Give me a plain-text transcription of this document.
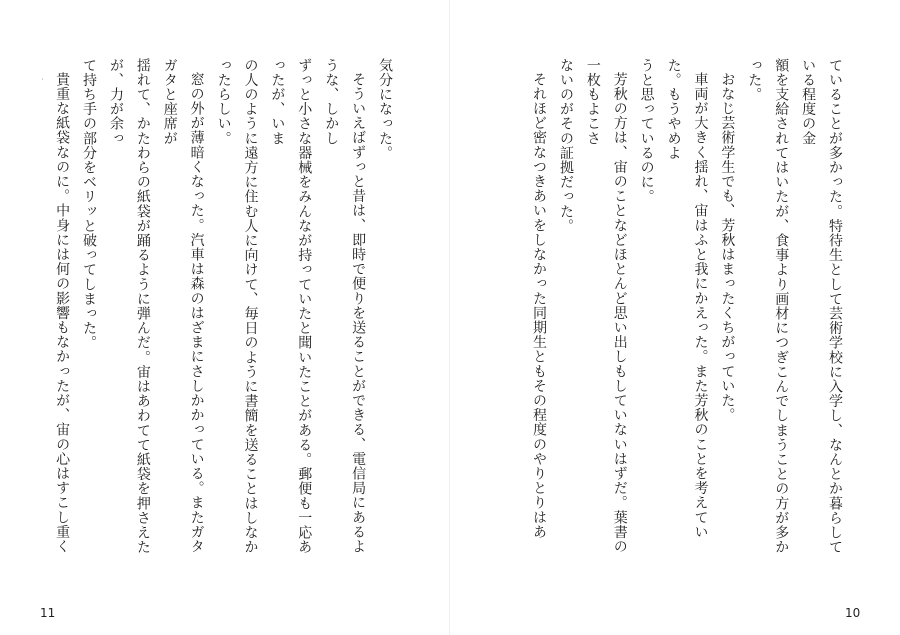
気分になった。
そういえばずっと昔は、即時で便りを送ることができる、電信局にあるような、しかし
ずっと小さな器械をみんなが持っていたと聞いたことがある。郵便も一応あったが、いま
の人のように遠方に住む人に向けて、毎日のように書簡を送ることはしなかったらしい。
窓の外が薄暗くなった。汽車は森のはざまにさしかかっている。またガタガタと座席が
揺れて、かたわらの紙袋が踊るように弾んだ。宙はあわてて紙袋を押さえたが、力が余っ
て持ち手の部分をベリッと破ってしまった。
貴重な紙袋なのに。中身には何の影響もなかったが、宙の心はすこし重く
11
ていることが多かった。特待生として芸術学校に入学し、なんとか暮らしている程度の金
額を支給されてはいたが、食事より画材につぎこんでしまうことの方が多かった。
おなじ芸術学生でも、芳秋はまったくちがっていた。
車両が大きく揺れ、宙はふと我にかえった。また芳秋のことを考えていた。もうやめよ
うと思っているのに。
芳秋の方は、宙のことなどほとんど思い出しもしていないはずだ。葉書の一枚もよこさ
ないのがその証拠だった。
それほど密なつきあいをしなかった同期生ともその程度のやりとりはあ
10
